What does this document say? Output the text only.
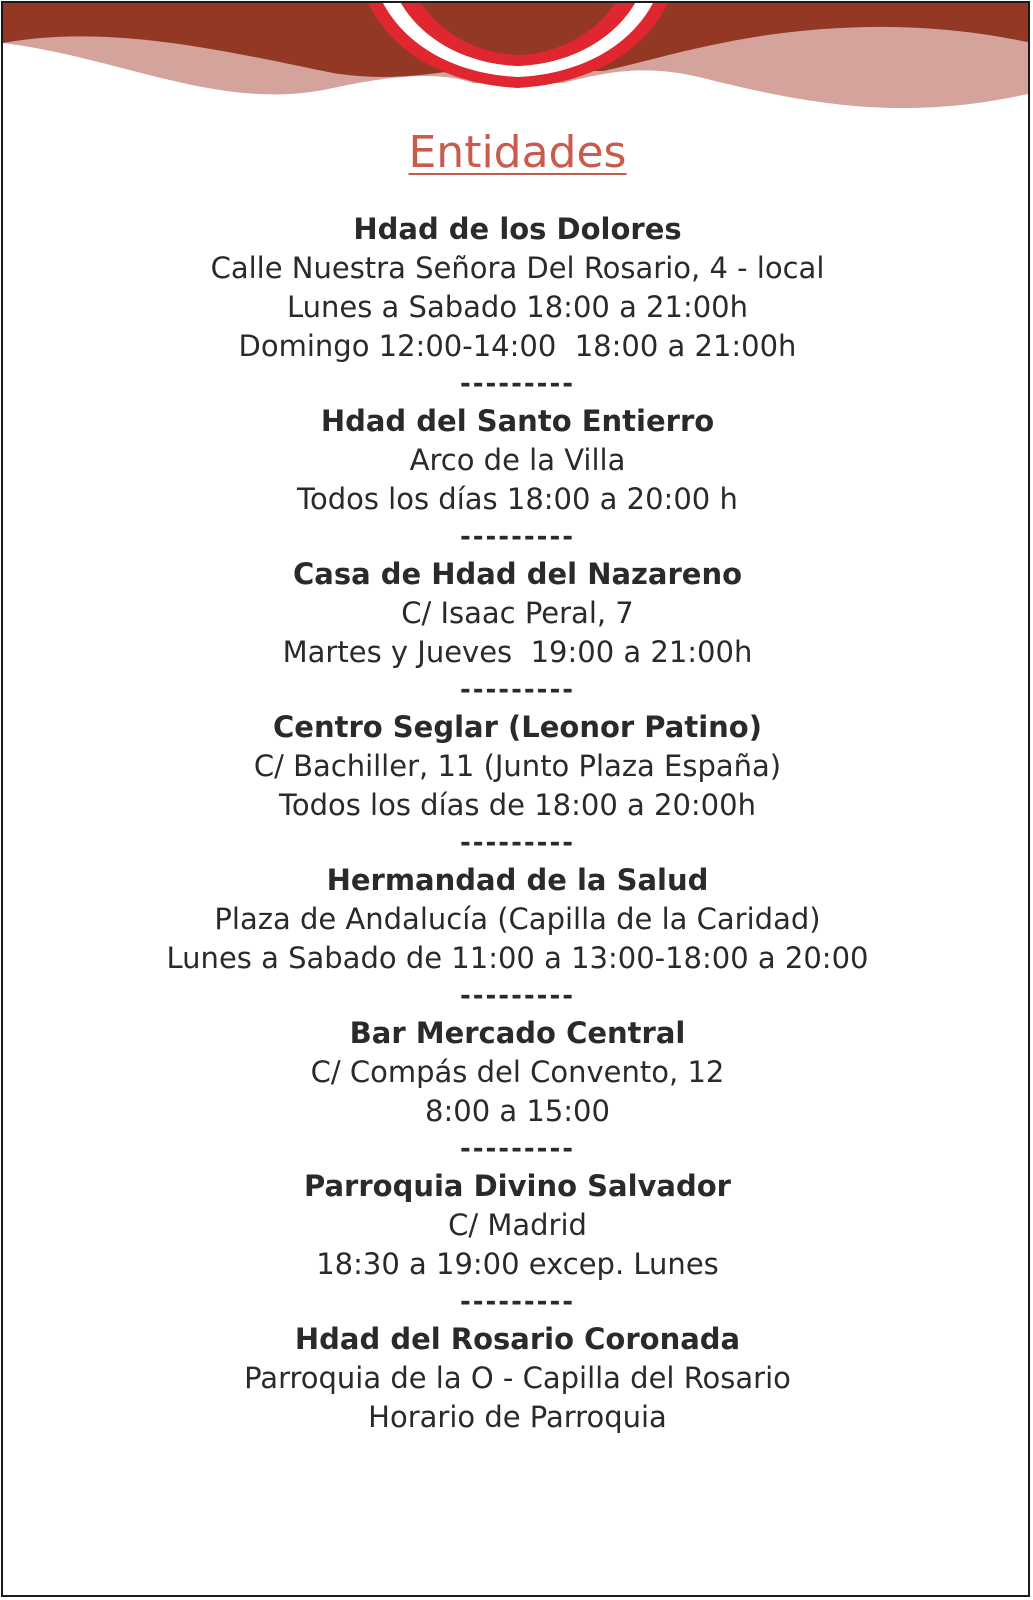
Entidades
Hdad de los Dolores
Calle Nuestra Señora Del Rosario, 4 - local
Lunes a Sabado 18:00 a 21:00h
Domingo 12:00-14:00  18:00 a 21:00h
---------
Hdad del Santo Entierro
Arco de la Villa
Todos los días 18:00 a 20:00 h
---------
Casa de Hdad del Nazareno
C/ Isaac Peral, 7
Martes y Jueves  19:00 a 21:00h
---------
Centro Seglar (Leonor Patino)
C/ Bachiller, 11 (Junto Plaza España)
Todos los días de 18:00 a 20:00h
---------
Hermandad de la Salud
Plaza de Andalucía (Capilla de la Caridad)
Lunes a Sabado de 11:00 a 13:00-18:00 a 20:00
---------
Bar Mercado Central
C/ Compás del Convento, 12
8:00 a 15:00
---------
Parroquia Divino Salvador
C/ Madrid
18:30 a 19:00 excep. Lunes
---------
Hdad del Rosario Coronada
Parroquia de la O - Capilla del Rosario
Horario de Parroquia
